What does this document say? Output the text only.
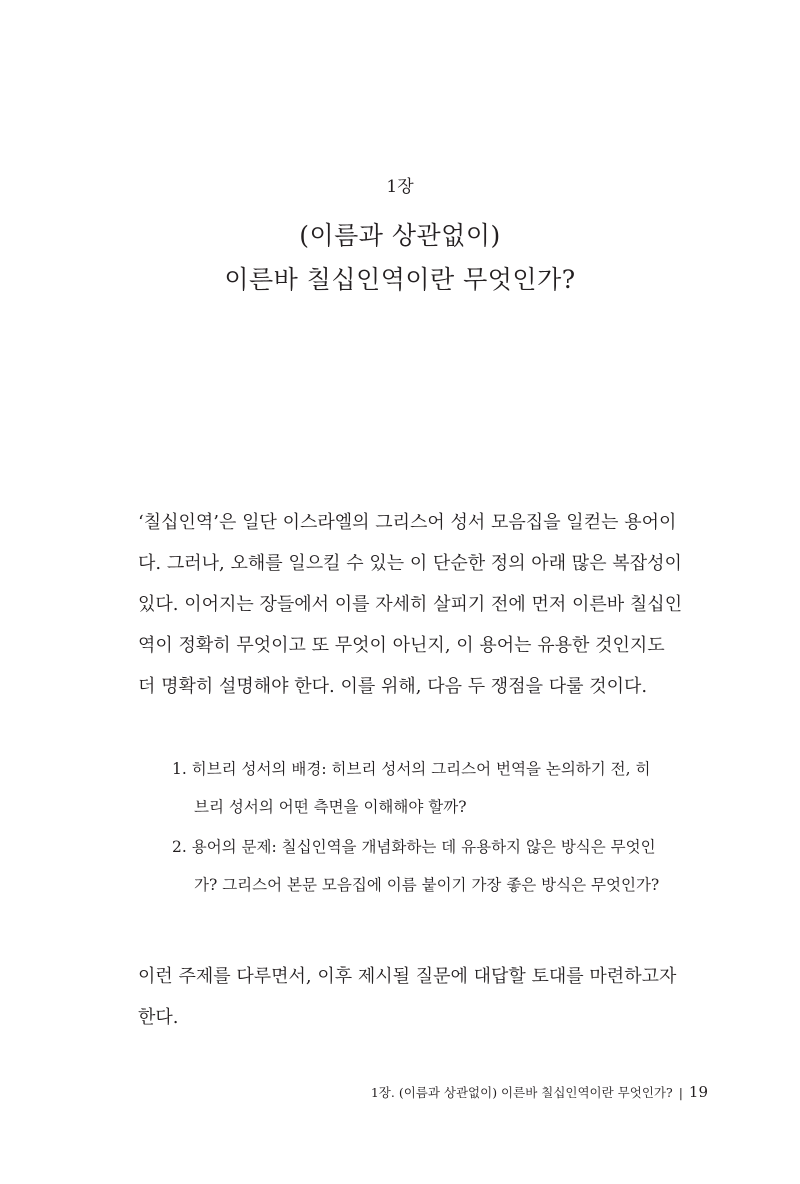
1장
(이름과 상관없이)
이른바 칠십인역이란 무엇인가?

‘칠십인역’은 일단 이스라엘의 그리스어 성서 모음집을 일컫는 용어이
다. 그러나, 오해를 일으킬 수 있는 이 단순한 정의 아래 많은 복잡성이
있다. 이어지는 장들에서 이를 자세히 살피기 전에 먼저 이른바 칠십인
역이 정확히 무엇이고 또 무엇이 아닌지, 이 용어는 유용한 것인지도
더 명확히 설명해야 한다. 이를 위해, 다음 두 쟁점을 다룰 것이다.

1. 히브리 성서의 배경: 히브리 성서의 그리스어 번역을 논의하기 전, 히
브리 성서의 어떤 측면을 이해해야 할까?
2. 용어의 문제: 칠십인역을 개념화하는 데 유용하지 않은 방식은 무엇인
가? 그리스어 본문 모음집에 이름 붙이기 가장 좋은 방식은 무엇인가?

이런 주제를 다루면서, 이후 제시될 질문에 대답할 토대를 마련하고자
한다.

1장. (이름과 상관없이) 이른바 칠십인역이란 무엇인가? | 19
